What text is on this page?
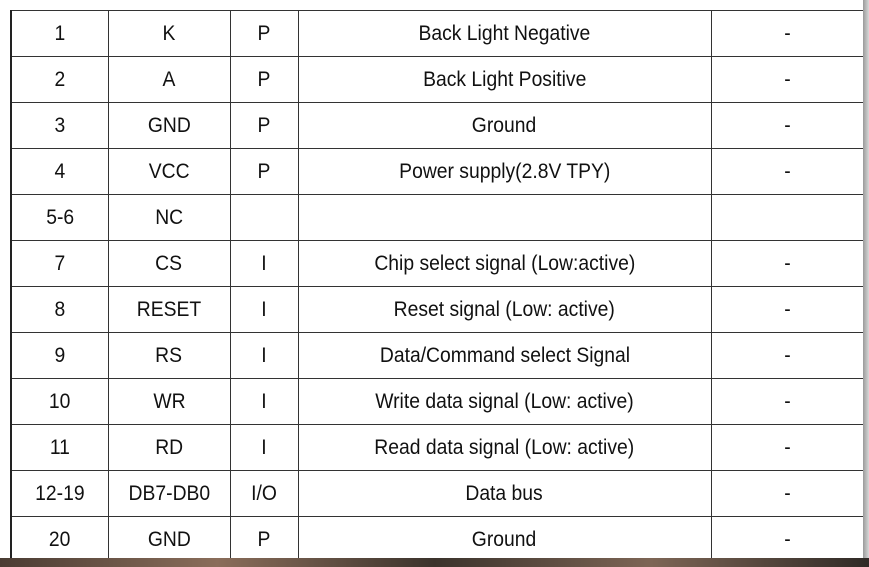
1	K	P	Back Light Negative	-
2	A	P	Back Light Positive	-
3	GND	P	Ground	-
4	VCC	P	Power supply(2.8V TPY)	-
5-6	NC			
7	CS	I	Chip select signal (Low:active)	-
8	RESET	I	Reset signal (Low: active)	-
9	RS	I	Data/Command select Signal	-
10	WR	I	Write data signal (Low: active)	-
11	RD	I	Read data signal (Low: active)	-
12-19	DB7-DB0	I/O	Data bus	-
20	GND	P	Ground	-
